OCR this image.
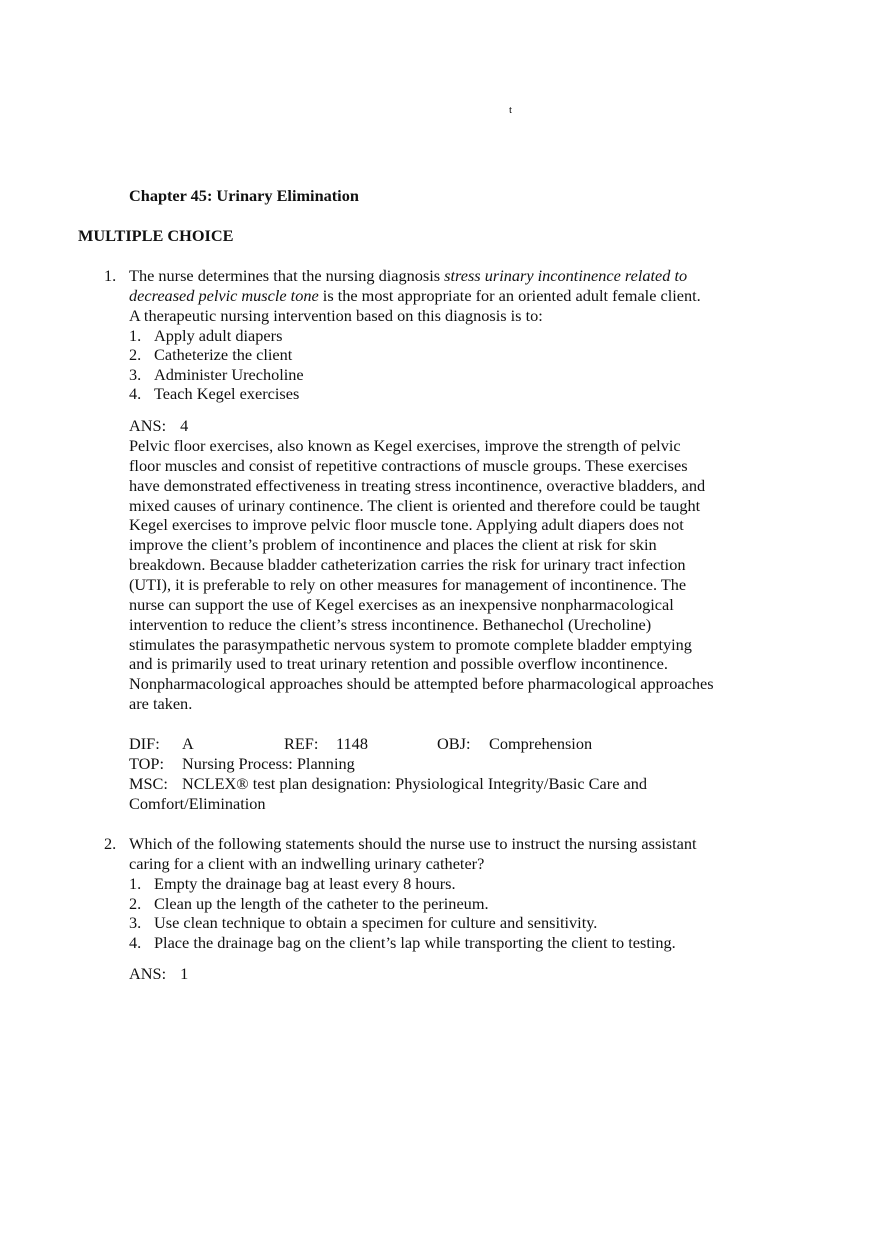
t
Chapter 45: Urinary Elimination
MULTIPLE CHOICE
1. The nurse determines that the nursing diagnosis stress urinary incontinence related to
decreased pelvic muscle tone is the most appropriate for an oriented adult female client.
A therapeutic nursing intervention based on this diagnosis is to:
1. Apply adult diapers
2. Catheterize the client
3. Administer Urecholine
4. Teach Kegel exercises
ANS: 4
Pelvic floor exercises, also known as Kegel exercises, improve the strength of pelvic
floor muscles and consist of repetitive contractions of muscle groups. These exercises
have demonstrated effectiveness in treating stress incontinence, overactive bladders, and
mixed causes of urinary continence. The client is oriented and therefore could be taught
Kegel exercises to improve pelvic floor muscle tone. Applying adult diapers does not
improve the client’s problem of incontinence and places the client at risk for skin
breakdown. Because bladder catheterization carries the risk for urinary tract infection
(UTI), it is preferable to rely on other measures for management of incontinence. The
nurse can support the use of Kegel exercises as an inexpensive nonpharmacological
intervention to reduce the client’s stress incontinence. Bethanechol (Urecholine)
stimulates the parasympathetic nervous system to promote complete bladder emptying
and is primarily used to treat urinary retention and possible overflow incontinence.
Nonpharmacological approaches should be attempted before pharmacological approaches
are taken.
DIF: A	REF: 1148	OBJ: Comprehension
TOP: Nursing Process: Planning
MSC: NCLEX® test plan designation: Physiological Integrity/Basic Care and
Comfort/Elimination
2. Which of the following statements should the nurse use to instruct the nursing assistant
caring for a client with an indwelling urinary catheter?
1. Empty the drainage bag at least every 8 hours.
2. Clean up the length of the catheter to the perineum.
3. Use clean technique to obtain a specimen for culture and sensitivity.
4. Place the drainage bag on the client’s lap while transporting the client to testing.
ANS: 1
